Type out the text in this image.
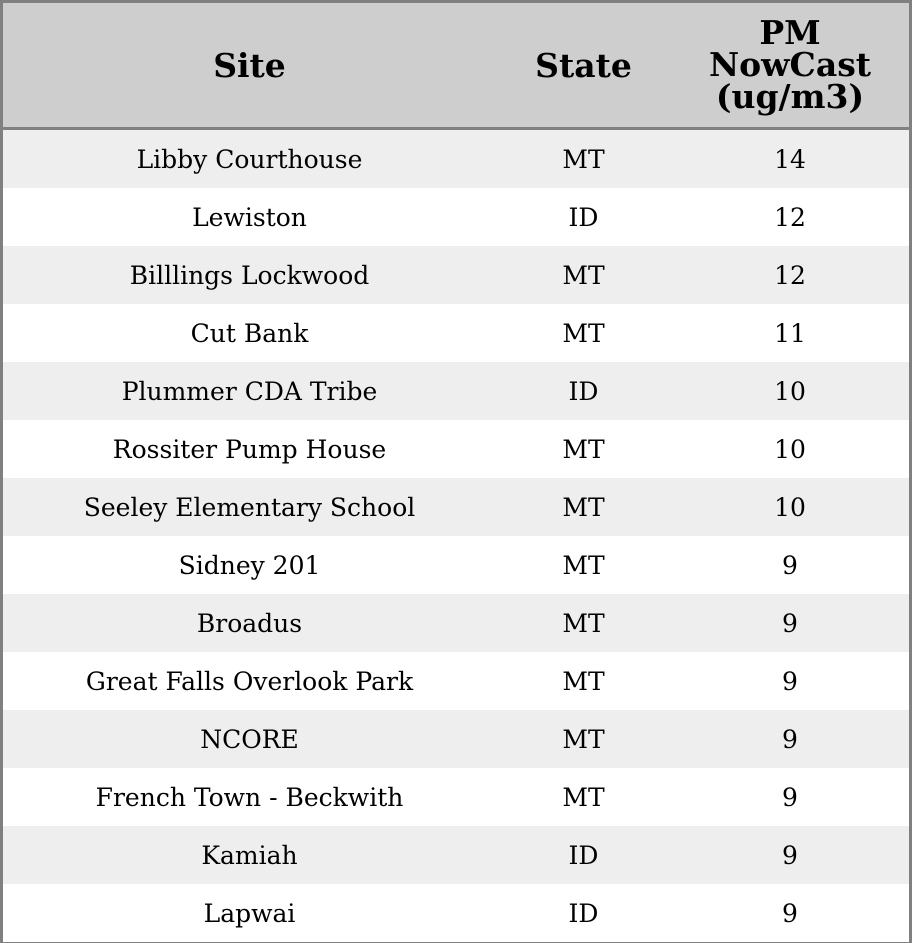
Site	State	PM
NowCast
(ug/m3)

Libby Courthouse	MT	14
Lewiston	ID	12
Billlings Lockwood	MT	12
Cut Bank	MT	11
Plummer CDA Tribe	ID	10
Rossiter Pump House	MT	10
Seeley Elementary School	MT	10
Sidney 201	MT	9
Broadus	MT	9
Great Falls Overlook Park	MT	9
NCORE	MT	9
French Town - Beckwith	MT	9
Kamiah	ID	9
Lapwai	ID	9
